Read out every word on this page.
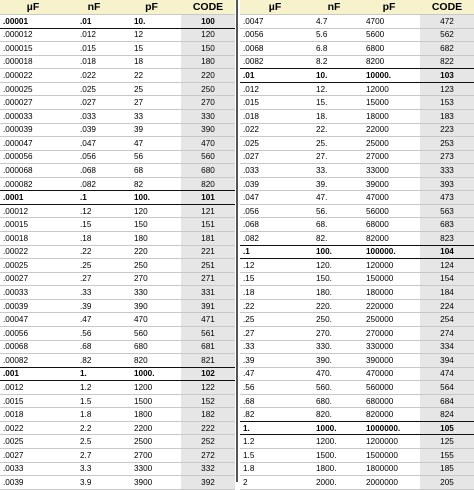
µF	nF	pF	CODE
.00001	.01	10.	100
.000012	.012	12	120
.000015	.015	15	150
.000018	.018	18	180
.000022	.022	22	220
.000025	.025	25	250
.000027	.027	27	270
.000033	.033	33	330
.000039	.039	39	390
.000047	.047	47	470
.000056	.056	56	560
.000068	.068	68	680
.000082	.082	82	820
.0001	.1	100.	101
.00012	.12	120	121
.00015	.15	150	151
.00018	.18	180	181
.00022	.22	220	221
.00025	.25	250	251
.00027	.27	270	271
.00033	.33	330	331
.00039	.39	390	391
.00047	.47	470	471
.00056	.56	560	561
.00068	.68	680	681
.00082	.82	820	821
.001	1.	1000.	102
.0012	1.2	1200	122
.0015	1.5	1500	152
.0018	1.8	1800	182
.0022	2.2	2200	222
.0025	2.5	2500	252
.0027	2.7	2700	272
.0033	3.3	3300	332
.0039	3.9	3900	392
µF	nF	pF	CODE
.0047	4.7	4700	472
.0056	5.6	5600	562
.0068	6.8	6800	682
.0082	8.2	8200	822
.01	10.	10000.	103
.012	12.	12000	123
.015	15.	15000	153
.018	18.	18000	183
.022	22.	22000	223
.025	25.	25000	253
.027	27.	27000	273
.033	33.	33000	333
.039	39.	39000	393
.047	47.	47000	473
.056	56.	56000	563
.068	68.	68000	683
.082	82.	82000	823
.1	100.	100000.	104
.12	120.	120000	124
.15	150.	150000	154
.18	180.	180000	184
.22	220.	220000	224
.25	250.	250000	254
.27	270.	270000	274
.33	330.	330000	334
.39	390.	390000	394
.47	470.	470000	474
.56	560.	560000	564
.68	680.	680000	684
.82	820.	820000	824
1.	1000.	1000000.	105
1.2	1200.	1200000	125
1.5	1500.	1500000	155
1.8	1800.	1800000	185
2	2000.	2000000	205
